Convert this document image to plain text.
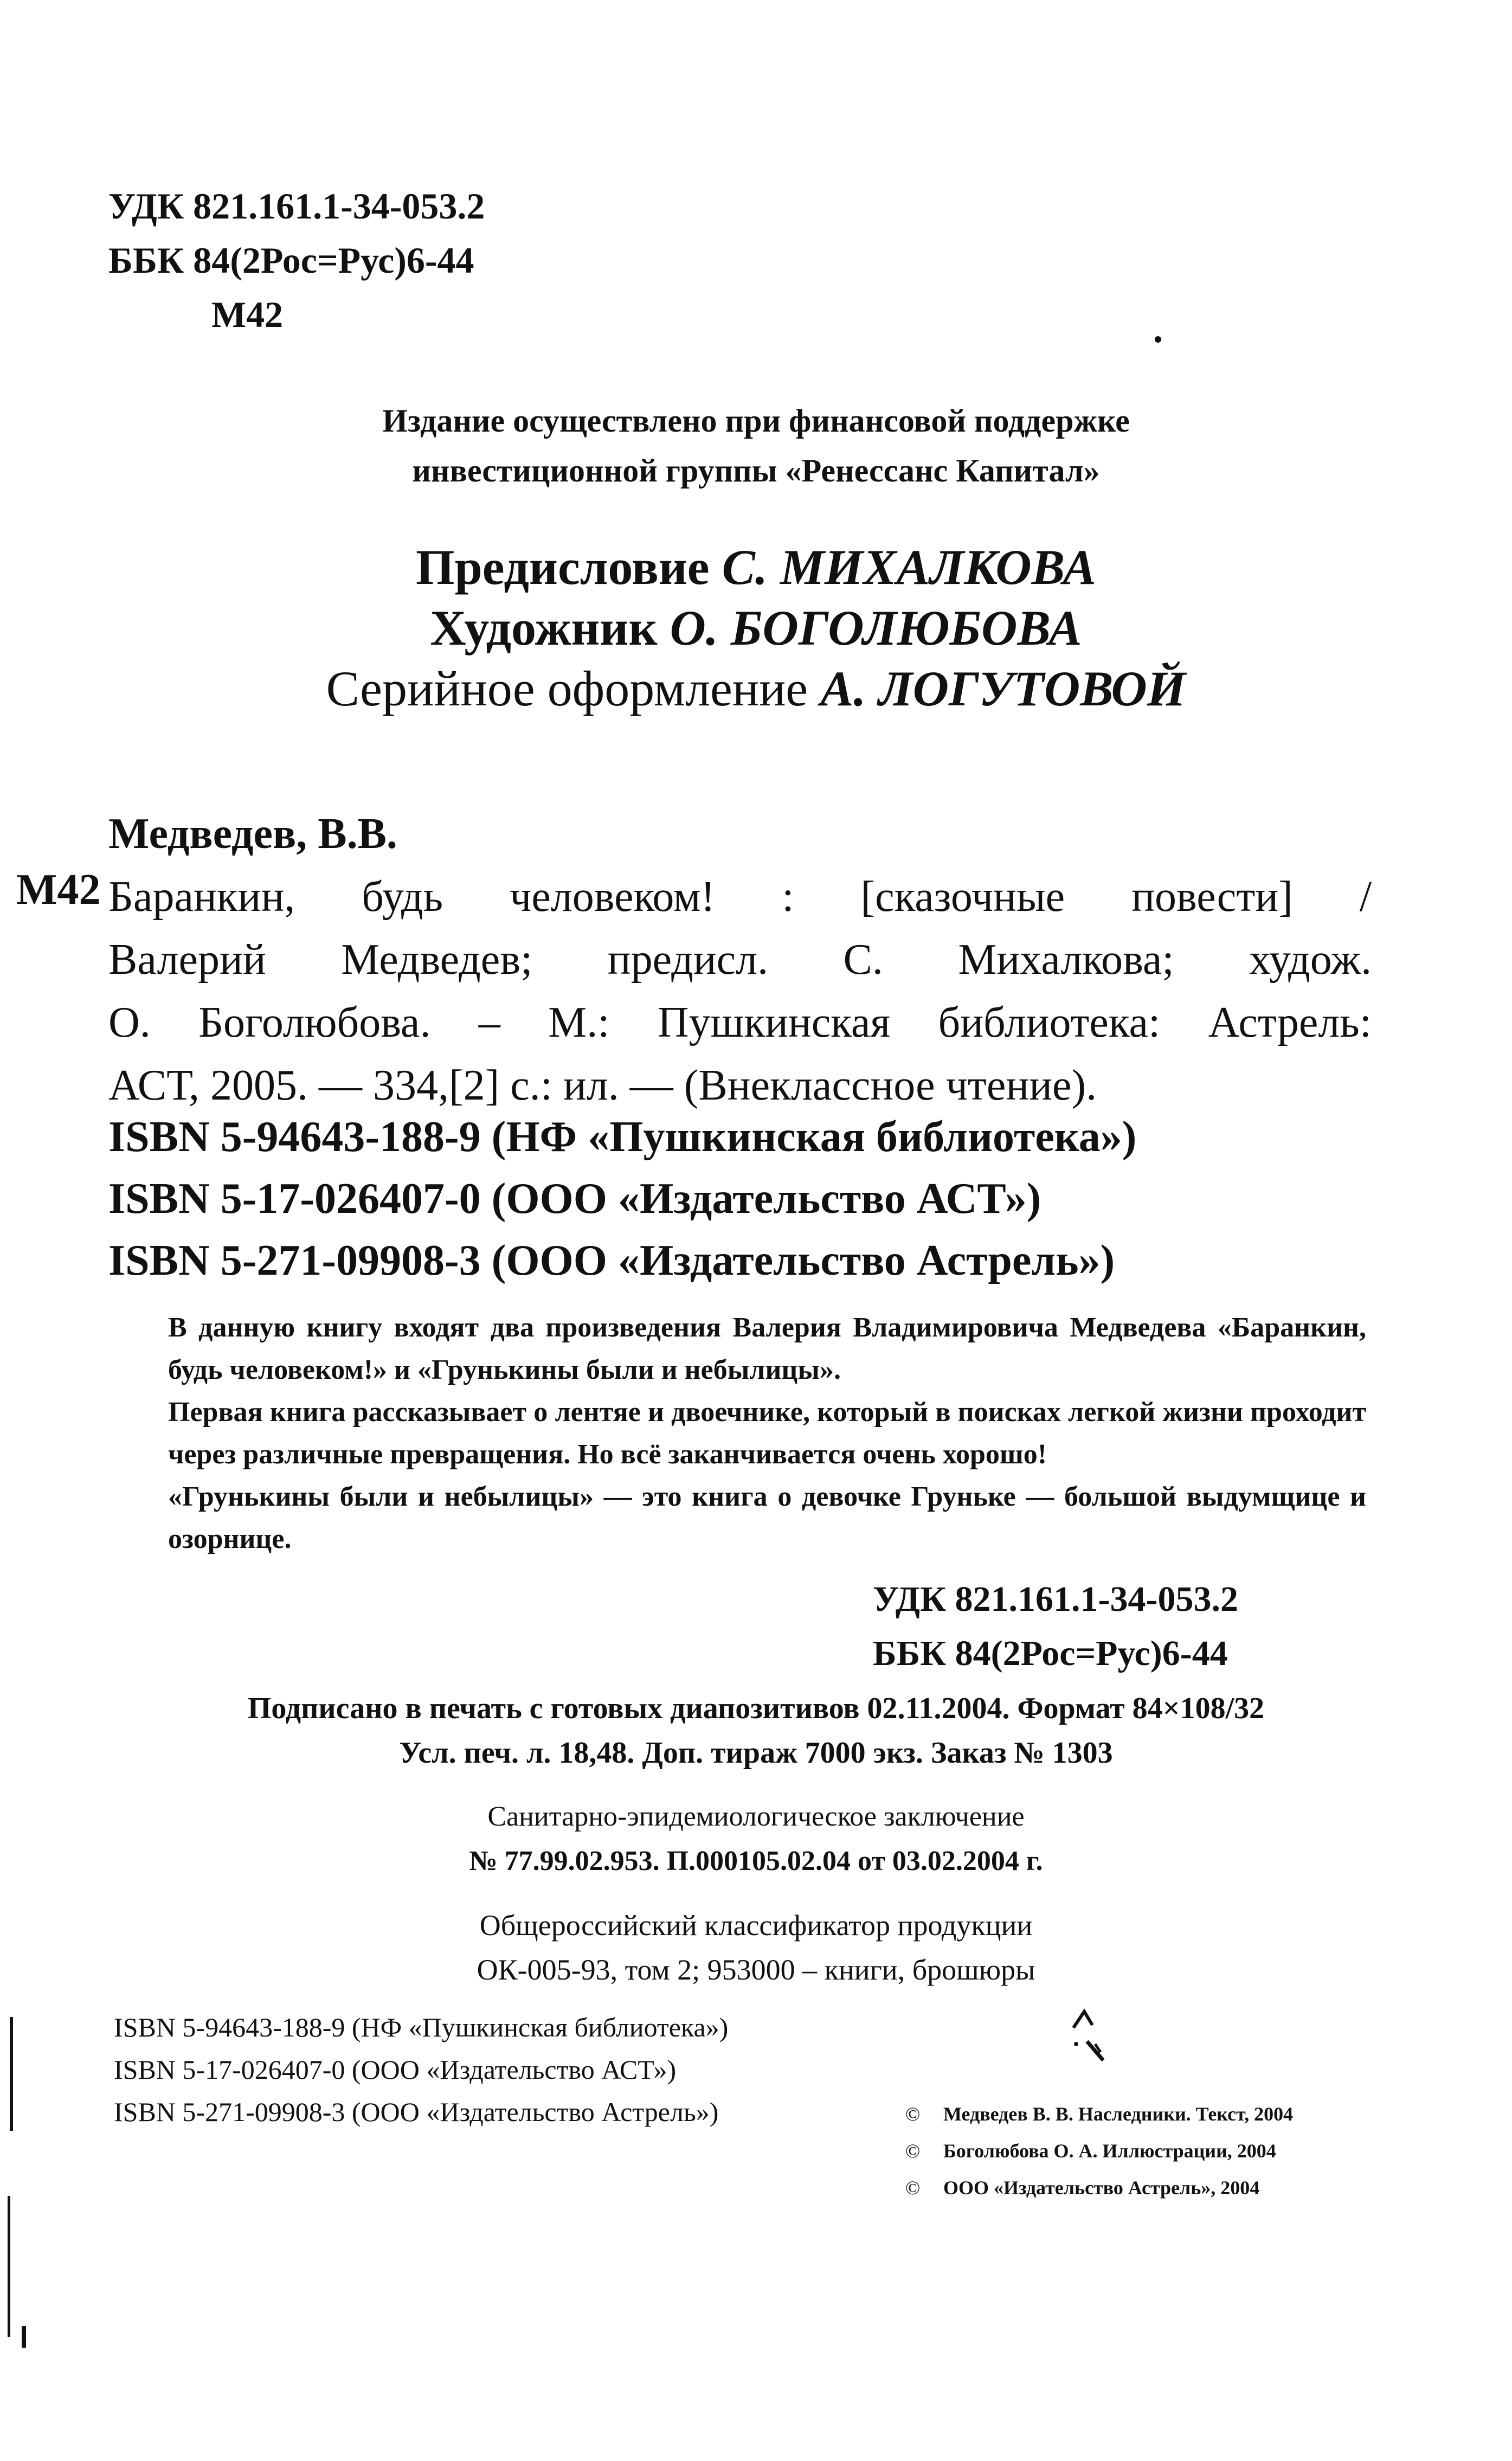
УДК 821.161.1-34-053.2
ББК 84(2Рос=Рус)6-44
М42
Издание осуществлено при финансовой поддержке
инвестиционной группы «Ренессанс Капитал»
Предисловие С. МИХАЛКОВА
Художник О. БОГОЛЮБОВА
Серийное оформление А. ЛОГУТОВОЙ
М42
Медведев, В.В.
Баранкин, будь человеком! : [сказочные повести] /
Валерий Медведев; предисл. С. Михалкова; худож.
О. Боголюбова. – М.: Пушкинская библиотека: Астрель:
АСТ, 2005. — 334,[2] с.: ил. — (Внеклассное чтение).
ISBN 5-94643-188-9 (НФ «Пушкинская библиотека»)
ISBN 5-17-026407-0 (ООО «Издательство АСТ»)
ISBN 5-271-09908-3 (ООО «Издательство Астрель»)
В данную книгу входят два произведения Валерия Владимировича Медведева «Баранкин, будь человеком!» и «Грунькины были и небылицы».
Первая книга рассказывает о лентяе и двоечнике, который в поисках легкой жизни проходит через различные превращения. Но всё заканчивается очень хорошо!
«Грунькины были и небылицы» — это книга о девочке Груньке — большой выдумщице и озорнице.
УДК 821.161.1-34-053.2
ББК 84(2Рос=Рус)6-44
Подписано в печать с готовых диапозитивов 02.11.2004. Формат 84×108/32
Усл. печ. л. 18,48. Доп. тираж 7000 экз. Заказ № 1303
Санитарно-эпидемиологическое заключение
№ 77.99.02.953. П.000105.02.04 от 03.02.2004 г.
Общероссийский классификатор продукции
ОК-005-93, том 2; 953000 – книги, брошюры
ISBN 5-94643-188-9 (НФ «Пушкинская библиотека»)
ISBN 5-17-026407-0 (ООО «Издательство АСТ»)
ISBN 5-271-09908-3 (ООО «Издательство Астрель»)	© Медведев В. В. Наследники. Текст, 2004
© Боголюбова О. А. Иллюстрации, 2004
© ООО «Издательство Астрель», 2004
